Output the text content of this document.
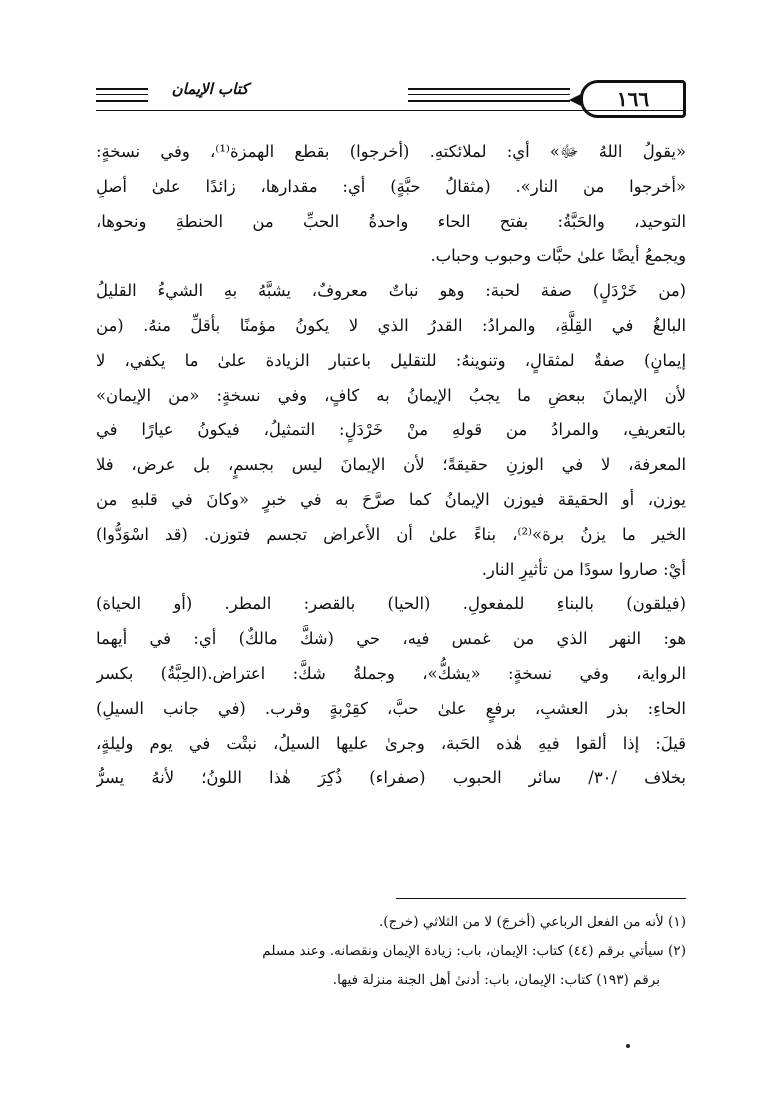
١٦٦
كتاب الإيمان
«يقولُ اللهُ ﷻ» أي: لملائكتهِ. (أخرجوا) بقطع الهمزة⁽¹⁾، وفي نسخةٍ:
«أخرجوا من النار». (مثقالُ حبَّةٍ) أي: مقدارها، زائدًا علىٰ أصلِ
التوحيد، والحَبَّةُ: بفتح الحاء واحدةُ الحبِّ من الحنطةِ ونحوها،
ويجمعُ أيضًا علىٰ حبَّات وحبوب وحباب.
(من خَرْدَلٍ) صفة لحبة: وهو نباتٌ معروفٌ، يشبَّهُ بهِ الشيءُ القليلُ
البالغُ في القِلَّةِ، والمرادُ: القدرُ الذي لا يكونُ مؤمنًا بأقلِّ منهُ. (من
إيمانٍ) صفةٌ لمثقالٍ، وتنوينهُ: للتقليل باعتبار الزيادة علىٰ ما يكفي، لا
لأن الإيمانَ ببعضِ ما يجبُ الإيمانُ به كافٍ، وفي نسخةٍ: «من الإيمان»
بالتعريفِ، والمرادُ من قولهِ منْ خَرْدَلٍ: التمثيلُ، فيكونُ عيارًا في
المعرفة، لا في الوزنِ حقيقةً؛ لأن الإيمانَ ليس بجسمٍ، بل عرض، فلا
يوزن، أو الحقيقة فيوزن الإيمانُ كما صرَّحَ به في خبرٍ «وكانَ في قلبهِ من
الخير ما يزنُ برة»⁽²⁾، بناءً علىٰ أن الأعراض تجسم فتوزن. (قد اسْوَدُّوا)
أيْ: صاروا سودًا من تأثيرِ النار.
(فيلقون) بالبناءِ للمفعولِ. (الحيا) بالقصر: المطر. (أو الحياة)
هو: النهر الذي من غمس فيه، حي (شكَّ مالكٌ) أي: في أيهما
الرواية، وفي نسخةٍ: «يشكُّ»، وجملةُ شكَّ: اعتراض.(الحِبَّةُ) بكسر
الحاءِ: بذر العشبِ، برفعٍ علىٰ حبَّ، كقِرْبةٍ وقرب. (في جانب السيلِ)
قيلَ: إذا ألقوا فيهِ هٰذه الحَبة، وجرىٰ عليها السيلُ، نبتْت في يوم وليلةٍ،
بخلاف /٣٠/ سائر الحبوب (صفراء) ذُكِرَ هٰذا اللونُ؛ لأنهُ يسرُّ
(١) لأنه من الفعل الرباعي (أخرجَ) لا من الثلاثي (خرج).
(٢) سيأتي برقم (٤٤) كتاب: الإيمان، باب: زيادة الإيمان ونقصانه. وعند مسلم
برقم (١٩٣) كتاب: الإيمان، باب: أدنىٰ أهل الجنة منزلة فيها.
